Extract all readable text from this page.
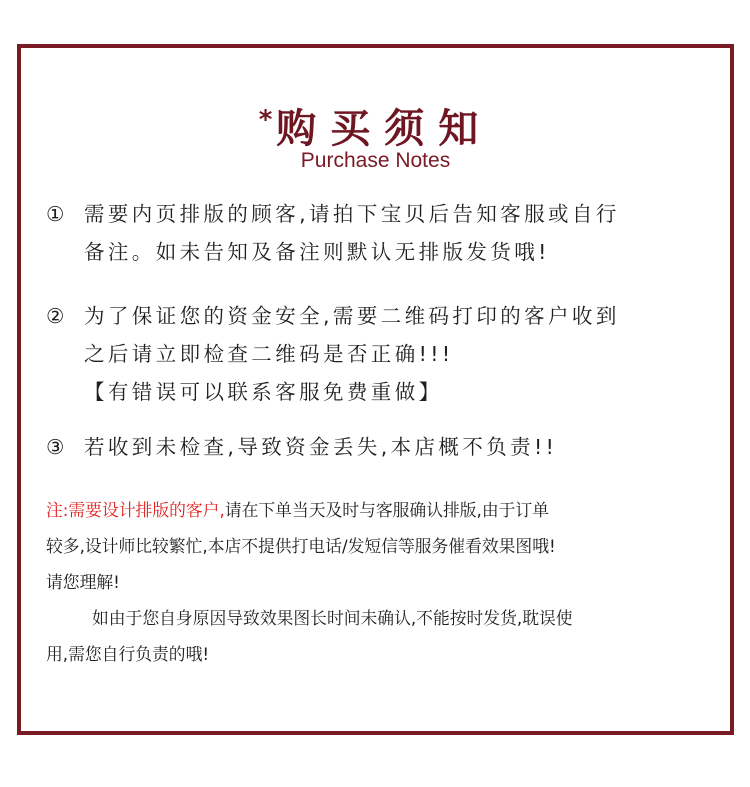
*购买须知
Purchase Notes
① 需要内页排版的顾客,请拍下宝贝后告知客服或自行
备注。如未告知及备注则默认无排版发货哦!
② 为了保证您的资金安全,需要二维码打印的客户收到
之后请立即检查二维码是否正确!!!
【有错误可以联系客服免费重做】
③ 若收到未检查,导致资金丢失,本店概不负责!!
注:需要设计排版的客户,请在下单当天及时与客服确认排版,由于订单
较多,设计师比较繁忙,本店不提供打电话/发短信等服务催看效果图哦!
请您理解!
如由于您自身原因导致效果图长时间未确认,不能按时发货,耽误使
用,需您自行负责的哦!
